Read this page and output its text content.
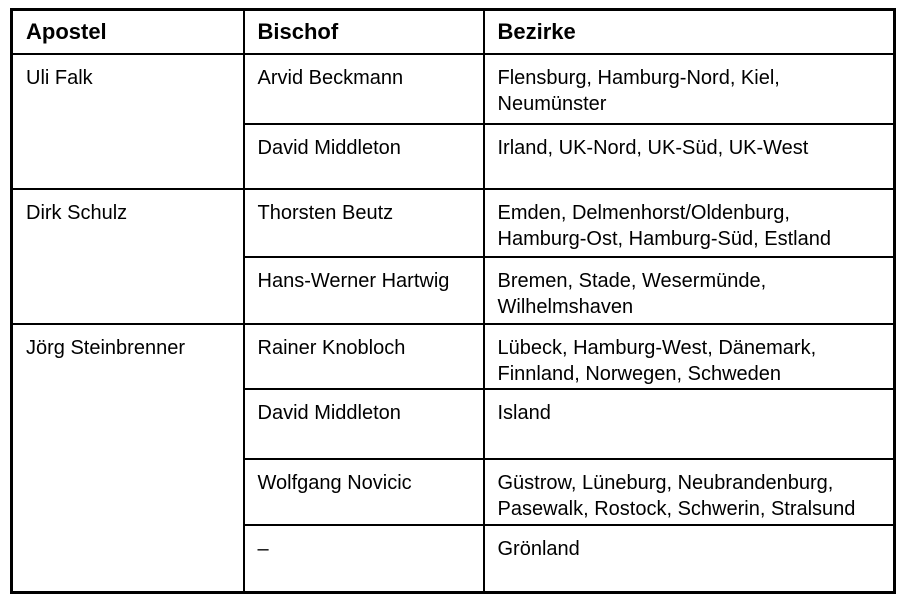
Apostel	Bischof	Bezirke
Uli Falk	Arvid Beckmann	Flensburg, Hamburg-Nord, Kiel, Neumünster
	David Middleton	Irland, UK-Nord, UK-Süd, UK-West
Dirk Schulz	Thorsten Beutz	Emden, Delmenhorst/Oldenburg, Hamburg-Ost, Hamburg-Süd, Estland
	Hans-Werner Hartwig	Bremen, Stade, Wesermünde, Wilhelmshaven
Jörg Steinbrenner	Rainer Knobloch	Lübeck, Hamburg-West, Dänemark, Finnland, Norwegen, Schweden
	David Middleton	Island
	Wolfgang Novicic	Güstrow, Lüneburg, Neubrandenburg, Pasewalk, Rostock, Schwerin, Stralsund
	–	Grönland
